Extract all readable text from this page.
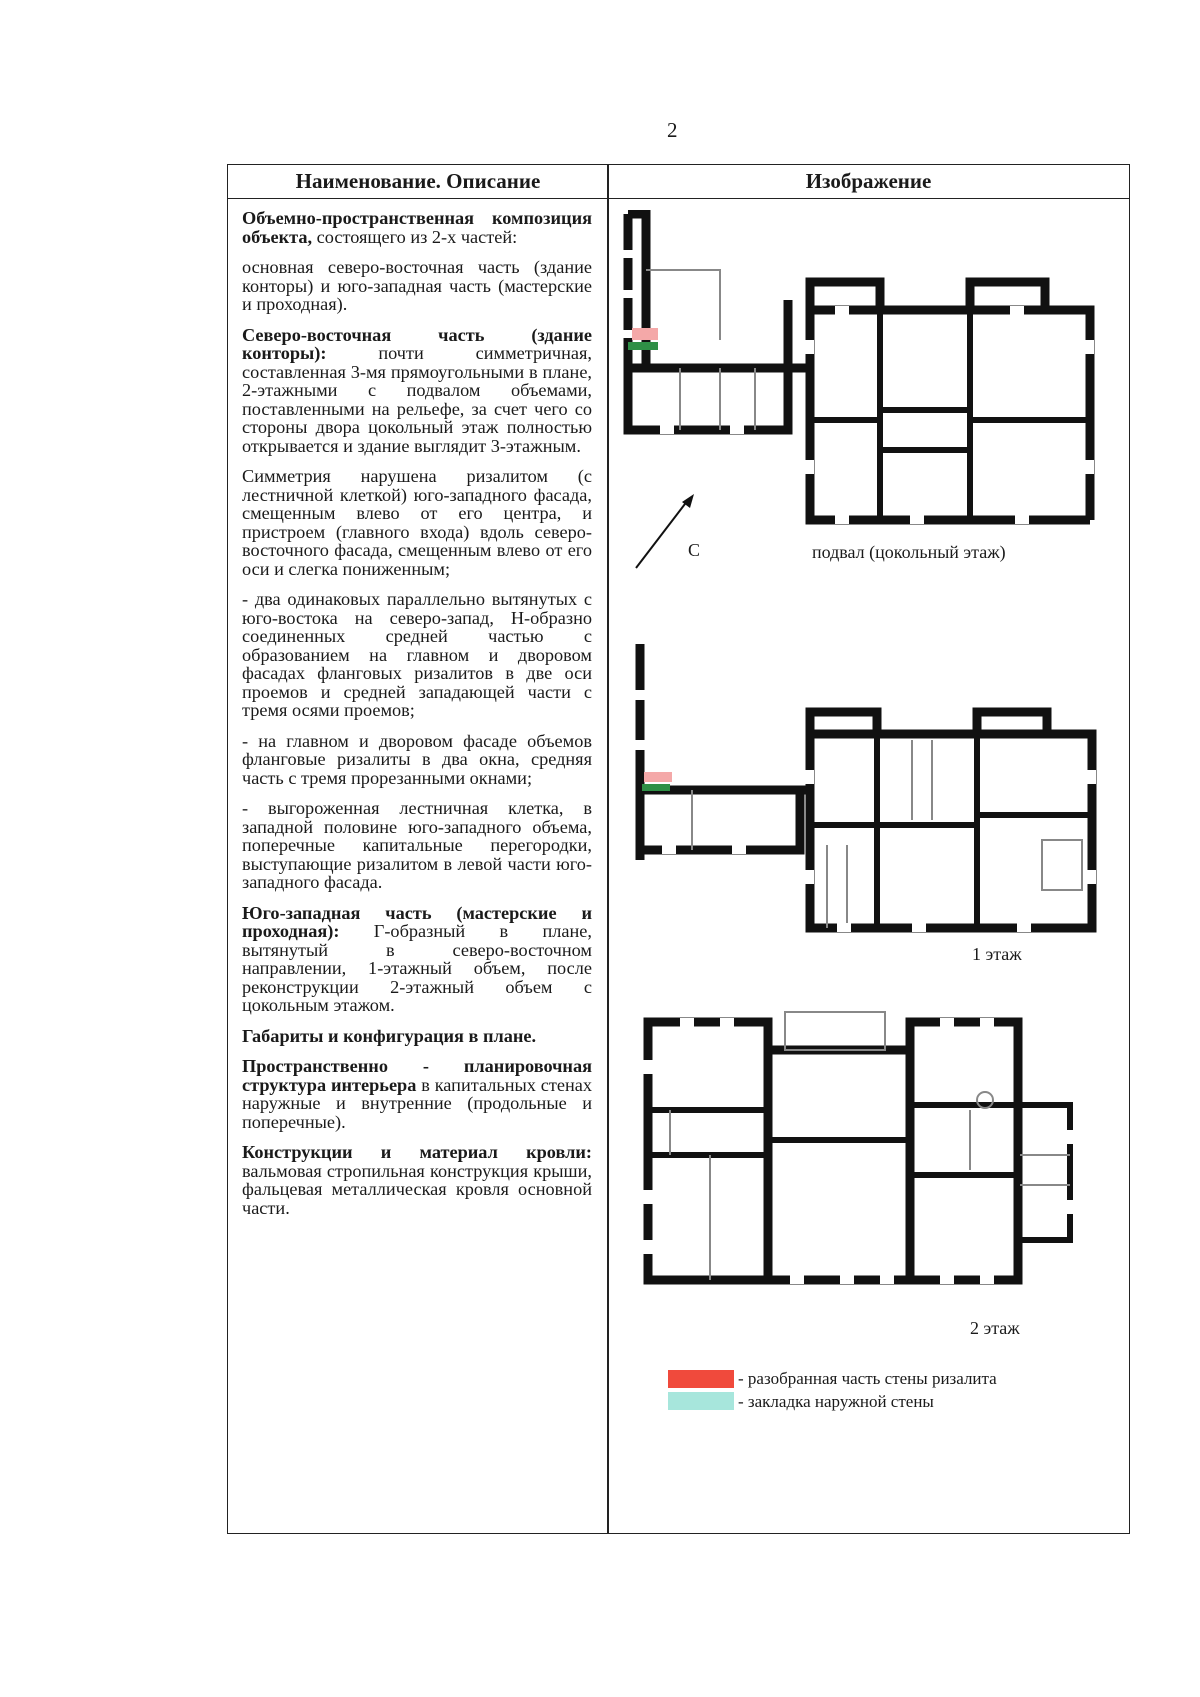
2
Наименование. Описание	Изображение

Объемно-пространственная композиция объекта, состоящего из 2-х частей:

основная северо-восточная часть (здание конторы) и юго-западная часть (мастерские и проходная).

Северо-восточная часть (здание конторы): почти симметричная, составленная 3-мя прямоугольными в плане, 2-этажными с подвалом объемами, поставленными на рельефе, за счет чего со стороны двора цокольный этаж полностью открывается и здание выглядит 3-этажным.

Симметрия нарушена ризалитом (с лестничной клеткой) юго-западного фасада, смещенным влево от его центра, и пристроем (главного входа) вдоль северо-восточного фасада, смещенным влево от его оси и слегка пониженным;

- два одинаковых параллельно вытянутых с юго-востока на северо-запад, Н-образно соединенных средней частью с образованием на главном и дворовом фасадах фланговых ризалитов в две оси проемов и средней западающей части с тремя осями проемов;

- на главном и дворовом фасаде объемов фланговые ризалиты в два окна, средняя часть с тремя прорезанными окнами;

- выгороженная лестничная клетка, в западной половине юго-западного объема, поперечные капитальные перегородки, выступающие ризалитом в левой части юго-западного фасада.

Юго-западная часть (мастерские и проходная): Г-образный в плане, вытянутый в северо-восточном направлении, 1-этажный объем, после реконструкции 2-этажный объем с цокольным этажом.

Габариты и конфигурация в плане.

Пространственно - планировочная структура интерьера в капитальных стенах наружные и внутренние (продольные и поперечные).

Конструкции и материал кровли: вальмовая стропильная конструкция крыши, фальцевая металлическая кровля основной части.

С	подвал (цокольный этаж)
1 этаж
2 этаж
- разобранная часть стены ризалита
- закладка наружной стены
